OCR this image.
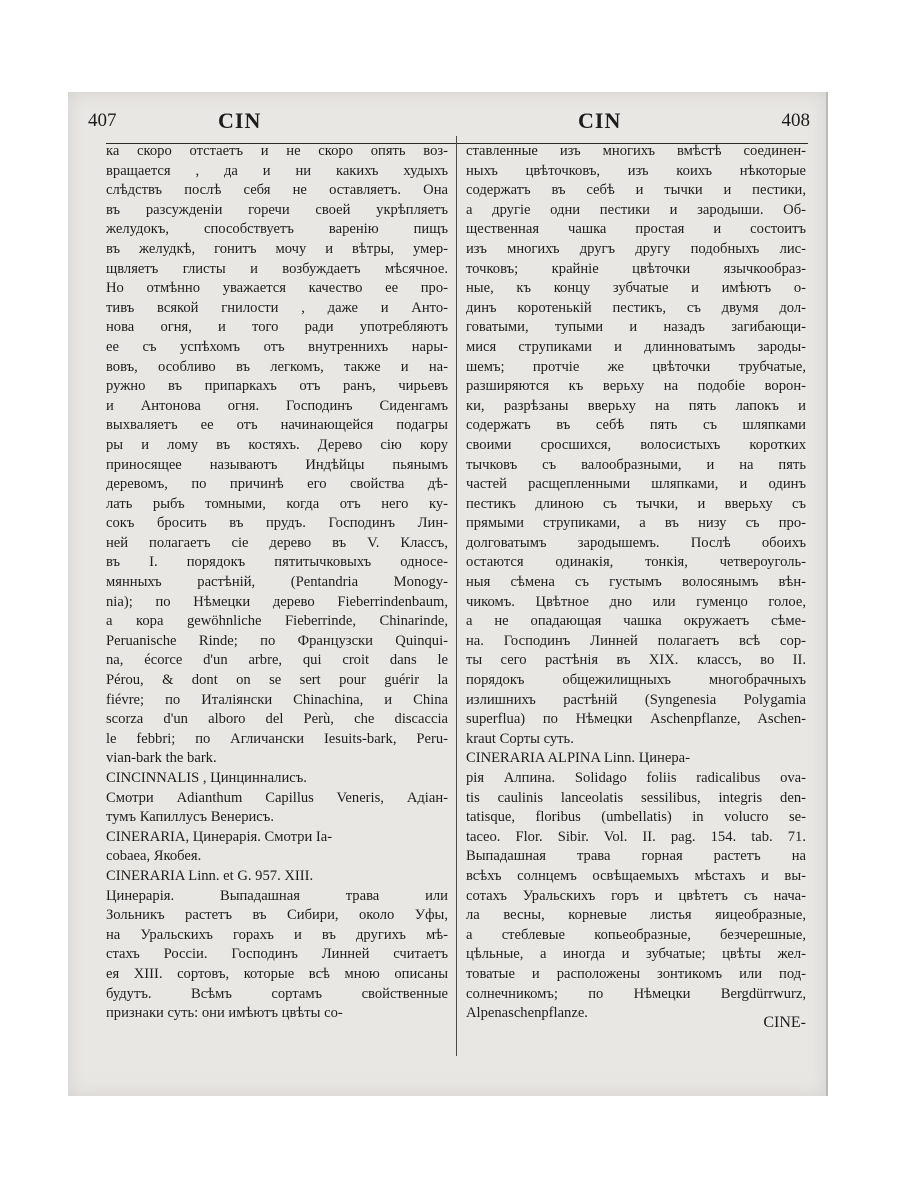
407	CIN	CIN	408
ка скоро отстаетъ и не скоро опять воз-
вращается , да и ни какихъ худыхъ
слѣдствъ послѣ себя не оставляетъ. Она
въ разсужденiи горечи своей укрѣпляетъ
желудокъ, способствуетъ варенiю пищъ
въ желудкѣ, гонитъ мочу и вѣтры, умер-
щвляетъ глисты и возбуждаетъ мѣсячное.
Но отмѣнно уважается качество ее про-
тивъ всякой гнилости , даже и Анто-
нова огня, и того ради употребляютъ
ее съ успѣхомъ отъ внутреннихъ нары-
вовъ, особливо въ легкомъ, также и на-
ружно въ припаркахъ отъ ранъ, чирьевъ
и Антонова огня. Господинъ Сиденгамъ
выхваляетъ ее отъ начинающейся подагры
ры и лому въ костяхъ. Дерево сiю кору
приносящее называютъ Индѣйцы пьянымъ
деревомъ, по причинѣ его свойства дѣ-
лать рыбъ томными, когда отъ него ку-
сокъ бросить въ прудъ. Господинъ Лин-
ней полагаетъ сiе дерево въ V. Классъ,
въ I. порядокъ пятитычковыхъ односе-
мянныхъ растѣнiй, (Pentandria Monogy-
nia); по Нѣмецки дерево Fieberrindenbaum,
а кора gewöhnliche Fieberrinde, Chinarinde,
Peruanische Rinde; по Французски Quinqui-
na, écorce d'un arbre, qui croit dans le
Pérou, & dont on se sert pour guérir la
fiévre; по Италiянски Chinachina, и China
scorza d'un alboro del Perù, che discaccia
le febbri; по Агличански Iesuits-bark, Peru-
vian-bark the bark.
CINCINNALIS , Цинцинналисъ.
Смотри Adianthum Capillus Veneris, Адiан-
тумъ Капиллусъ Венерисъ.
CINERARIA, Цинерарiя. Смотри Ia-
cobaea, Якобея.
CINERARIA Linn. et G. 957. XIII.
Цинерарiя. Выпадашная трава или
Зольникъ растетъ въ Сибири, около Уфы,
на Уральскихъ горахъ и въ другихъ мѣ-
стахъ Россiи. Господинъ Линней считаетъ
ея XIII. сортовъ, которые всѣ мною описаны
будутъ. Всѣмъ сортамъ свойственные
признаки суть: они имѣютъ цвѣты со-
ставленные изъ многихъ вмѣстѣ соединен-
ныхъ цвѣточковъ, изъ коихъ нѣкоторые
содержатъ въ себѣ и тычки и пестики,
а другiе одни пестики и зародыши. Об-
щественная чашка простая и состоитъ
изъ многихъ другъ другу подобныхъ лис-
точковъ; крайнiе цвѣточки язычкообраз-
ные, къ концу зубчатые и имѣютъ о-
динъ коротенькiй пестикъ, съ двумя дол-
говатыми, тупыми и назадъ загибающи-
мися струпиками и длинноватымъ зароды-
шемъ; протчiе же цвѣточки трубчатые,
разширяются къ верьху на подобiе ворон-
ки, разрѣзаны вверьху на пять лапокъ и
содержатъ въ себѣ пять съ шляпками
своими сросшихся, волосистыхъ коротких
тычковъ съ валообразными, и на пять
частей расщепленными шляпками, и одинъ
пестикъ длиною съ тычки, и вверьху съ
прямыми струпиками, а въ низу съ про-
долговатымъ зародышемъ. Послѣ обоихъ
остаются одинакiя, тонкiя, четвероуголь-
ныя сѣмена съ густымъ волосянымъ вѣн-
чикомъ. Цвѣтное дно или гуменцо голое,
а не опадающая чашка окружаетъ сѣме-
на. Господинъ Линней полагаетъ всѣ сор-
ты сего растѣнiя въ XIX. классъ, во II.
порядокъ общежилищныхъ многобрачныхъ
излишнихъ растѣнiй (Syngenesia Polygamia
superflua) по Нѣмецки Aschenpflanze, Aschen-
kraut Сорты суть.
CINERARIA ALPINA Linn. Цинера-
рiя Алпина. Solidago foliis radicalibus ova-
tis caulinis lanceolatis sessilibus, integris den-
tatisque, floribus (umbellatis) in volucro se-
taceo. Flor. Sibir. Vol. II. pag. 154. tab. 71.
Выпадашная трава горная растетъ на
всѣхъ солнцемъ освѣщаемыхъ мѣстахъ и вы-
сотахъ Уральскихъ горъ и цвѣтетъ съ нача-
ла весны, корневые листья яицеобразные,
а стеблевые копьеобразные, безчерешные,
цѣльные, а иногда и зубчатые; цвѣты жел-
товатые и расположены зонтикомъ или под-
солнечникомъ; по Нѣмецки Bergdürrwurz,
Alpenaschenpflanze.
CINE-
